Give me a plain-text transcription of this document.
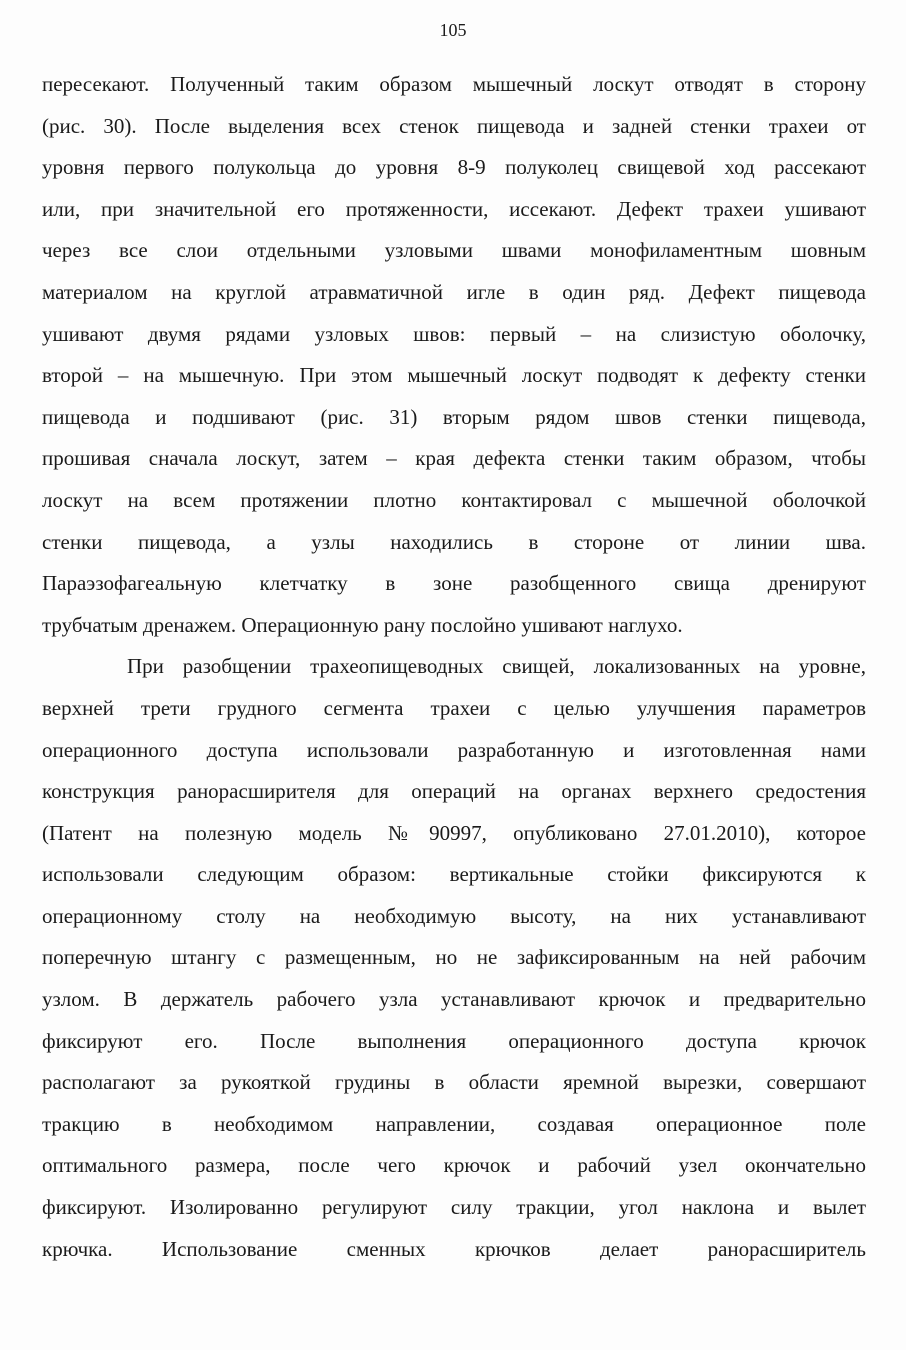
105
пересекают. Полученный таким образом мышечный лоскут отводят в сторону
(рис. 30). После выделения всех стенок пищевода и задней стенки трахеи от
уровня первого полукольца до уровня 8-9 полуколец свищевой ход рассекают
или, при значительной его протяженности, иссекают. Дефект трахеи ушивают
через все слои отдельными узловыми швами монофиламентным шовным
материалом на круглой атравматичной игле в один ряд. Дефект пищевода
ушивают двумя рядами узловых швов: первый – на слизистую оболочку,
второй – на мышечную. При этом мышечный лоскут подводят к дефекту стенки
пищевода и подшивают (рис. 31) вторым рядом швов стенки пищевода,
прошивая сначала лоскут, затем – края дефекта стенки таким образом, чтобы
лоскут на всем протяжении плотно контактировал с мышечной оболочкой
стенки пищевода, а узлы находились в стороне от линии шва.
Параэзофагеальную клетчатку в зоне разобщенного свища дренируют
трубчатым дренажем. Операционную рану послойно ушивают наглухо.
При разобщении трахеопищеводных свищей, локализованных на уровне,
верхней трети грудного сегмента трахеи с целью улучшения параметров
операционного доступа использовали разработанную и изготовленная нами
конструкция ранорасширителя для операций на органах верхнего средостения
(Патент на полезную модель №90997, опубликовано 27.01.2010), которое
использовали следующим образом: вертикальные стойки фиксируются к
операционному столу на необходимую высоту, на них устанавливают
поперечную штангу с размещенным, но не зафиксированным на ней рабочим
узлом. В держатель рабочего узла устанавливают крючок и предварительно
фиксируют его. После выполнения операционного доступа крючок
располагают за рукояткой грудины в области яремной вырезки, совершают
тракцию в необходимом направлении, создавая операционное поле
оптимального размера, после чего крючок и рабочий узел окончательно
фиксируют. Изолированно регулируют силу тракции, угол наклона и вылет
крючка. Использование сменных крючков делает ранорасширитель
